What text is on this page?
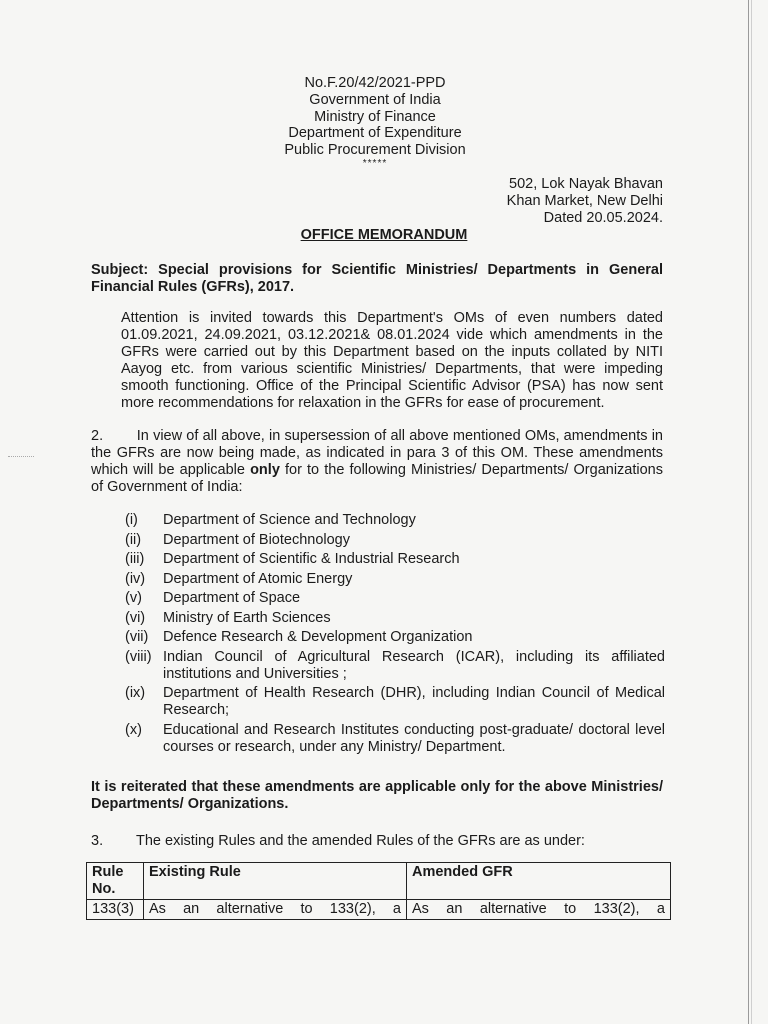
No.F.20/42/2021-PPD
Government of India
Ministry of Finance
Department of Expenditure
Public Procurement Division
*****
502, Lok Nayak Bhavan
Khan Market, New Delhi
Dated 20.05.2024.
OFFICE MEMORANDUM

Subject: Special provisions for Scientific Ministries/ Departments in General Financial Rules (GFRs), 2017.

Attention is invited towards this Department's OMs of even numbers dated 01.09.2021, 24.09.2021, 03.12.2021& 08.01.2024 vide which amendments in the GFRs were carried out by this Department based on the inputs collated by NITI Aayog etc. from various scientific Ministries/ Departments, that were impeding smooth functioning. Office of the Principal Scientific Advisor (PSA) has now sent more recommendations for relaxation in the GFRs for ease of procurement.

2. In view of all above, in supersession of all above mentioned OMs, amendments in the GFRs are now being made, as indicated in para 3 of this OM. These amendments which will be applicable only for to the following Ministries/ Departments/ Organizations of Government of India:

(i)	Department of Science and Technology
(ii)	Department of Biotechnology
(iii)	Department of Scientific & Industrial Research
(iv)	Department of Atomic Energy
(v)	Department of Space
(vi)	Ministry of Earth Sciences
(vii)	Defence Research & Development Organization
(viii) Indian Council of Agricultural Research (ICAR), including its affiliated institutions and Universities ;
(ix)	Department of Health Research (DHR), including Indian Council of Medical Research;
(x)	Educational and Research Institutes conducting post-graduate/ doctoral level courses or research, under any Ministry/ Department.

It is reiterated that these amendments are applicable only for the above Ministries/ Departments/ Organizations.

3. The existing Rules and the amended Rules of the GFRs are as under:

Rule No.	Existing Rule	Amended GFR
133(3)	As an alternative to 133(2), a	As an alternative to 133(2), a
